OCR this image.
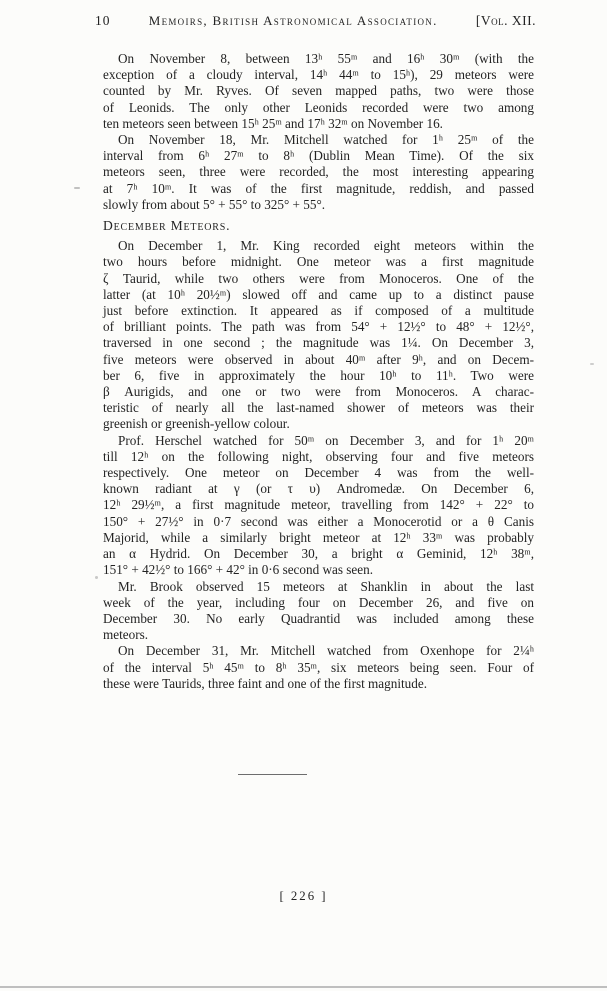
10	Memoirs, British Astronomical Association.	[Vol. XII.
On November 8, between 13ʰ 55ᵐ and 16ʰ 30ᵐ (with the
exception of a cloudy interval, 14ʰ 44ᵐ to 15ʰ), 29 meteors were
counted by Mr. Ryves. Of seven mapped paths, two were those
of Leonids. The only other Leonids recorded were two among
ten meteors seen between 15ʰ 25ᵐ and 17ʰ 32ᵐ on November 16.
On November 18, Mr. Mitchell watched for 1ʰ 25ᵐ of the
interval from 6ʰ 27ᵐ to 8ʰ (Dublin Mean Time). Of the six
meteors seen, three were recorded, the most interesting appearing
at 7ʰ 10ᵐ. It was of the first magnitude, reddish, and passed
slowly from about 5° + 55° to 325° + 55°.
December Meteors.
On December 1, Mr. King recorded eight meteors within the
two hours before midnight. One meteor was a first magnitude
ζ Taurid, while two others were from Monoceros. One of the
latter (at 10ʰ 20½ᵐ) slowed off and came up to a distinct pause
just before extinction. It appeared as if composed of a multitude
of brilliant points. The path was from 54° + 12½° to 48° + 12½°,
traversed in one second ; the magnitude was 1¼. On December 3,
five meteors were observed in about 40ᵐ after 9ʰ, and on Decem-
ber 6, five in approximately the hour 10ʰ to 11ʰ. Two were
β Aurigids, and one or two were from Monoceros. A charac-
teristic of nearly all the last-named shower of meteors was their
greenish or greenish-yellow colour.
Prof. Herschel watched for 50ᵐ on December 3, and for 1ʰ 20ᵐ
till 12ʰ on the following night, observing four and five meteors
respectively. One meteor on December 4 was from the well-
known radiant at γ (or τ υ) Andromedæ. On December 6,
12ʰ 29½ᵐ, a first magnitude meteor, travelling from 142° + 22° to
150° + 27½° in 0·7 second was either a Monocerotid or a θ Canis
Majorid, while a similarly bright meteor at 12ʰ 33ᵐ was probably
an α Hydrid. On December 30, a bright α Geminid, 12ʰ 38ᵐ,
151° + 42½° to 166° + 42° in 0·6 second was seen.
Mr. Brook observed 15 meteors at Shanklin in about the last
week of the year, including four on December 26, and five on
December 30. No early Quadrantid was included among these
meteors.
On December 31, Mr. Mitchell watched from Oxenhope for 2¼ʰ
of the interval 5ʰ 45ᵐ to 8ʰ 35ᵐ, six meteors being seen. Four of
these were Taurids, three faint and one of the first magnitude.
[ 226 ]
